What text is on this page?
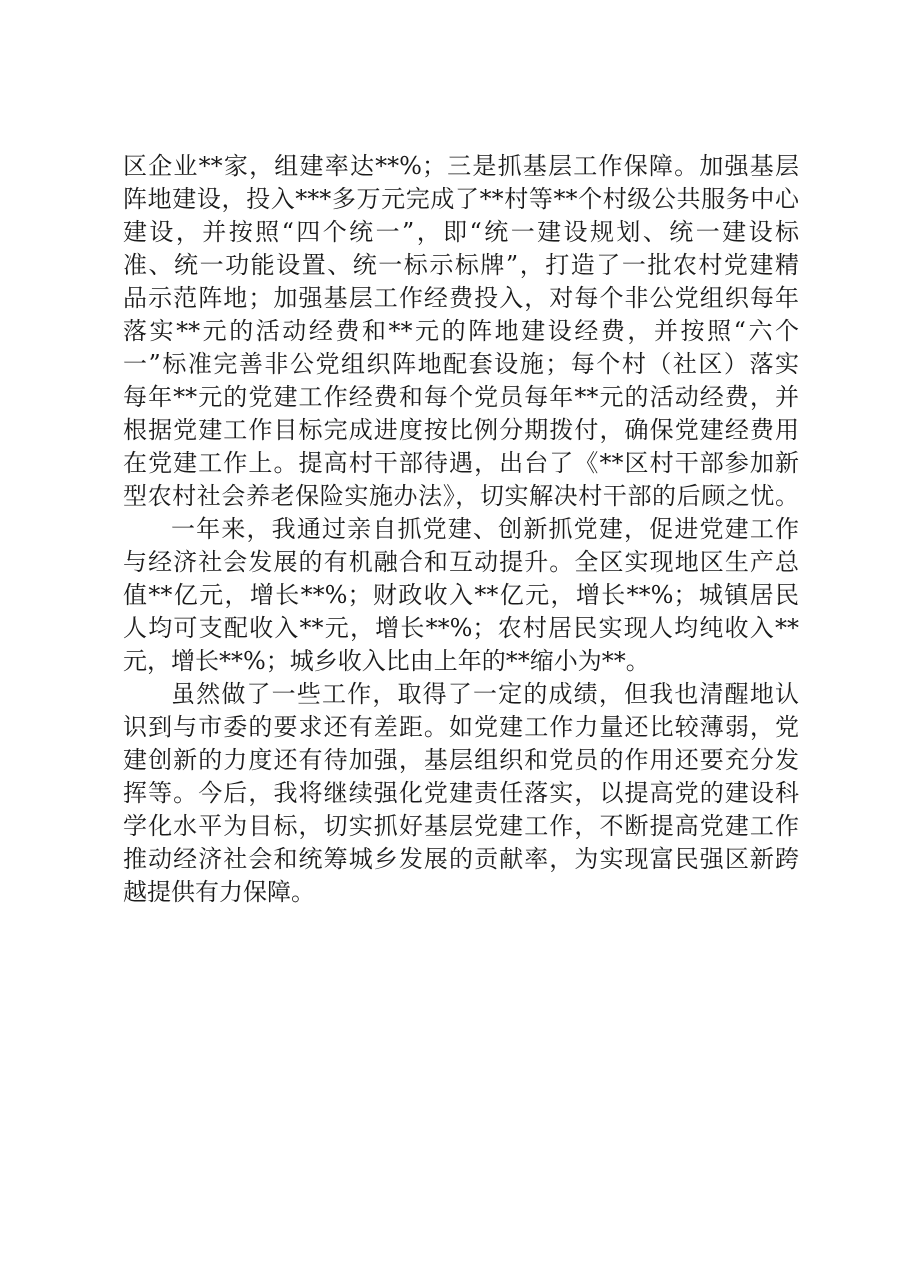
区企业**家，组建率达**%；三是抓基层工作保障。加强基层
阵地建设，投入***多万元完成了**村等**个村级公共服务中心
建设，并按照“四个统一”，即“统一建设规划、统一建设标
准、统一功能设置、统一标示标牌”，打造了一批农村党建精
品示范阵地；加强基层工作经费投入，对每个非公党组织每年
落实**元的活动经费和**元的阵地建设经费，并按照“六个
一”标准完善非公党组织阵地配套设施；每个村（社区）落实
每年**元的党建工作经费和每个党员每年**元的活动经费，并
根据党建工作目标完成进度按比例分期拨付，确保党建经费用
在党建工作上。提高村干部待遇，出台了《**区村干部参加新
型农村社会养老保险实施办法》，切实解决村干部的后顾之忧。
一年来，我通过亲自抓党建、创新抓党建，促进党建工作
与经济社会发展的有机融合和互动提升。全区实现地区生产总
值**亿元，增长**%；财政收入**亿元，增长**%；城镇居民
人均可支配收入**元，增长**%；农村居民实现人均纯收入**
元，增长**%；城乡收入比由上年的**缩小为**。
虽然做了一些工作，取得了一定的成绩，但我也清醒地认
识到与市委的要求还有差距。如党建工作力量还比较薄弱，党
建创新的力度还有待加强，基层组织和党员的作用还要充分发
挥等。今后，我将继续强化党建责任落实，以提高党的建设科
学化水平为目标，切实抓好基层党建工作，不断提高党建工作
推动经济社会和统筹城乡发展的贡献率，为实现富民强区新跨
越提供有力保障。
